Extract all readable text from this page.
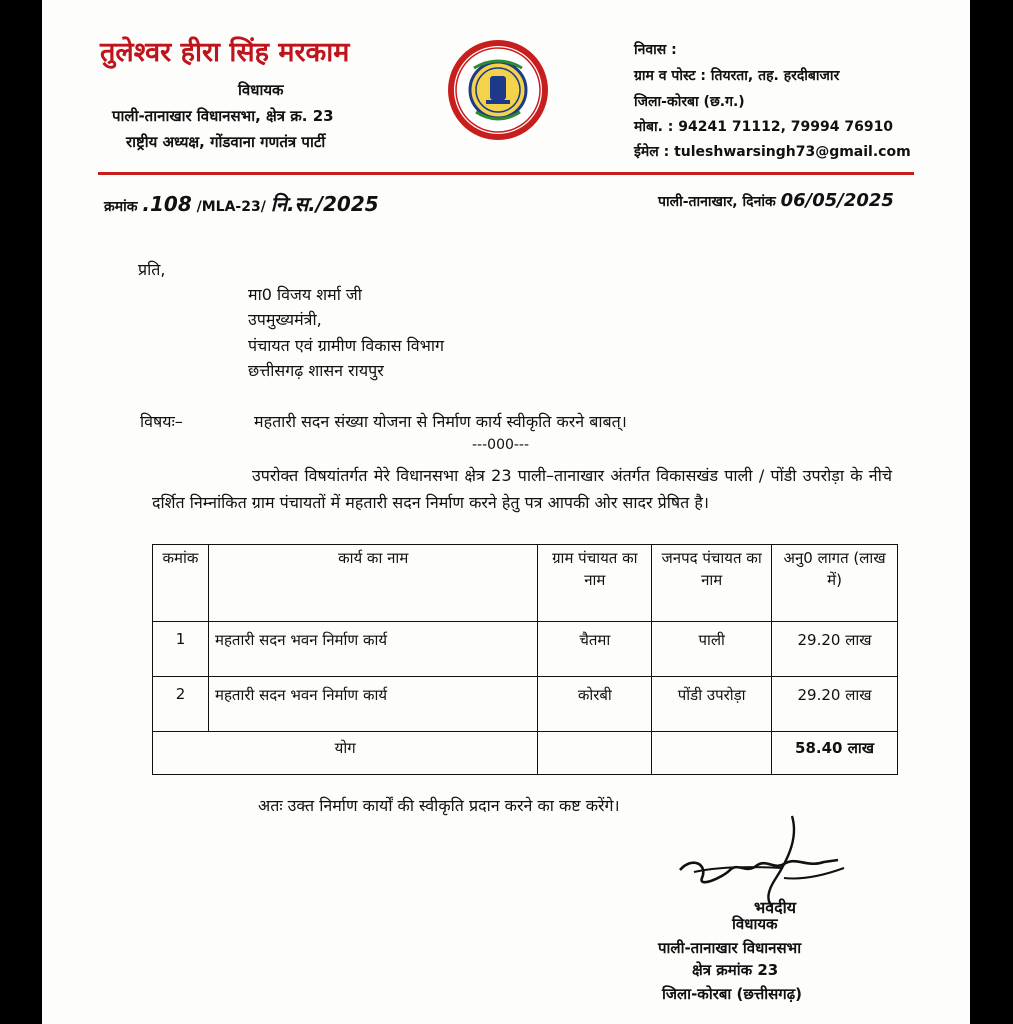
तुलेश्वर हीरा सिंह मरकाम
विधायक
पाली-तानाखार विधानसभा, क्षेत्र क्र. 23
राष्ट्रीय अध्यक्ष, गोंडवाना गणतंत्र पार्टी
निवास :
ग्राम व पोस्ट : तियरता, तह. हरदीबाजार
जिला-कोरबा (छ.ग.)
मोबा. : 94241 71112, 79994 76910
ईमेल : tuleshwarsingh73@gmail.com
क्रमांक .108 /MLA-23/ नि.स./2025	पाली-तानाखार, दिनांक 06/05/2025
प्रति,
मा0 विजय शर्मा जी
उपमुख्यमंत्री,
पंचायत एवं ग्रामीण विकास विभाग
छत्तीसगढ़ शासन रायपुर
विषयः–	महतारी सदन संख्या योजना से निर्माण कार्य स्वीकृति करने बाबत्।
---000---
उपरोक्त विषयांतर्गत मेरे विधानसभा क्षेत्र 23 पाली–तानाखार अंतर्गत विकासखंड पाली / पोंडी उपरोड़ा के नीचे दर्शित निम्नांकित ग्राम पंचायतों में महतारी सदन निर्माण करने हेतु पत्र आपकी ओर सादर प्रेषित है।
कमांक	कार्य का नाम	ग्राम पंचायत का नाम	जनपद पंचायत का नाम	अनु0 लागत (लाख में)
1	महतारी सदन भवन निर्माण कार्य	चैतमा	पाली	29.20 लाख
2	महतारी सदन भवन निर्माण कार्य	कोरबी	पोंडी उपरोड़ा	29.20 लाख
योग				58.40 लाख
अतः उक्त निर्माण कार्यों की स्वीकृति प्रदान करने का कष्ट करेंगे।
भवदीय
विधायक
पाली-तानाखार विधानसभा
क्षेत्र क्रमांक 23
जिला-कोरबा (छत्तीसगढ़)
